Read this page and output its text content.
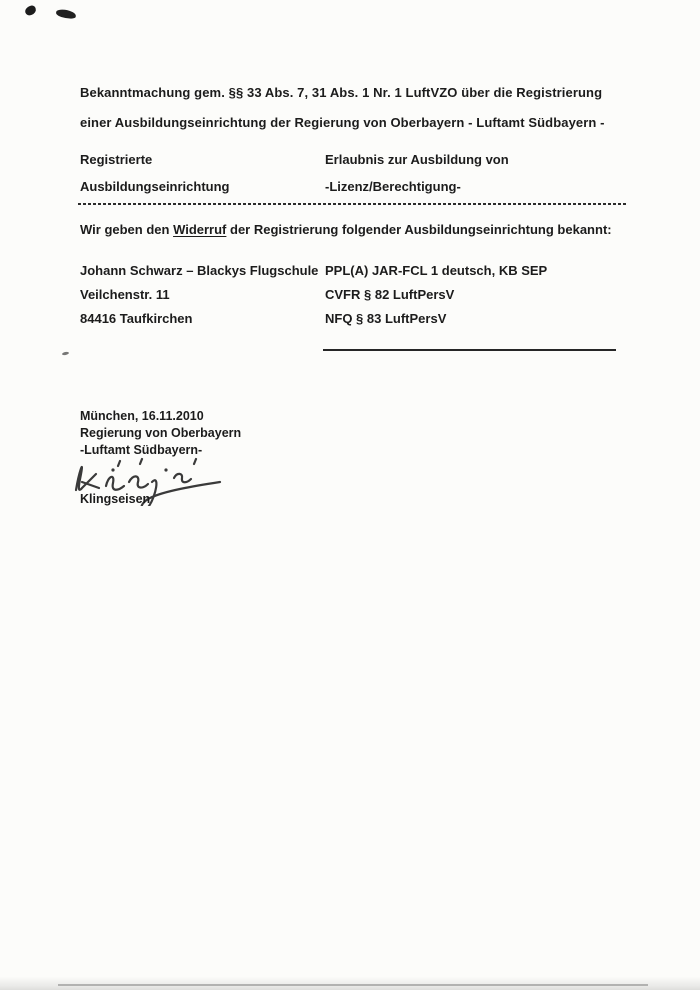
Bekanntmachung gem. §§ 33 Abs. 7, 31 Abs. 1 Nr. 1 LuftVZO über die Registrierung
einer Ausbildungseinrichtung der Regierung von Oberbayern - Luftamt Südbayern -
Registrierte
Ausbildungseinrichtung
Erlaubnis zur Ausbildung von
-Lizenz/Berechtigung-
Wir geben den Widerruf der Registrierung folgender Ausbildungseinrichtung bekannt:
Johann Schwarz – Blackys Flugschule
Veilchenstr. 11
84416 Taufkirchen
PPL(A) JAR-FCL 1 deutsch, KB SEP
CVFR § 82 LuftPersV
NFQ § 83 LuftPersV
München, 16.11.2010
Regierung von Oberbayern
-Luftamt Südbayern-
Klingseisen
